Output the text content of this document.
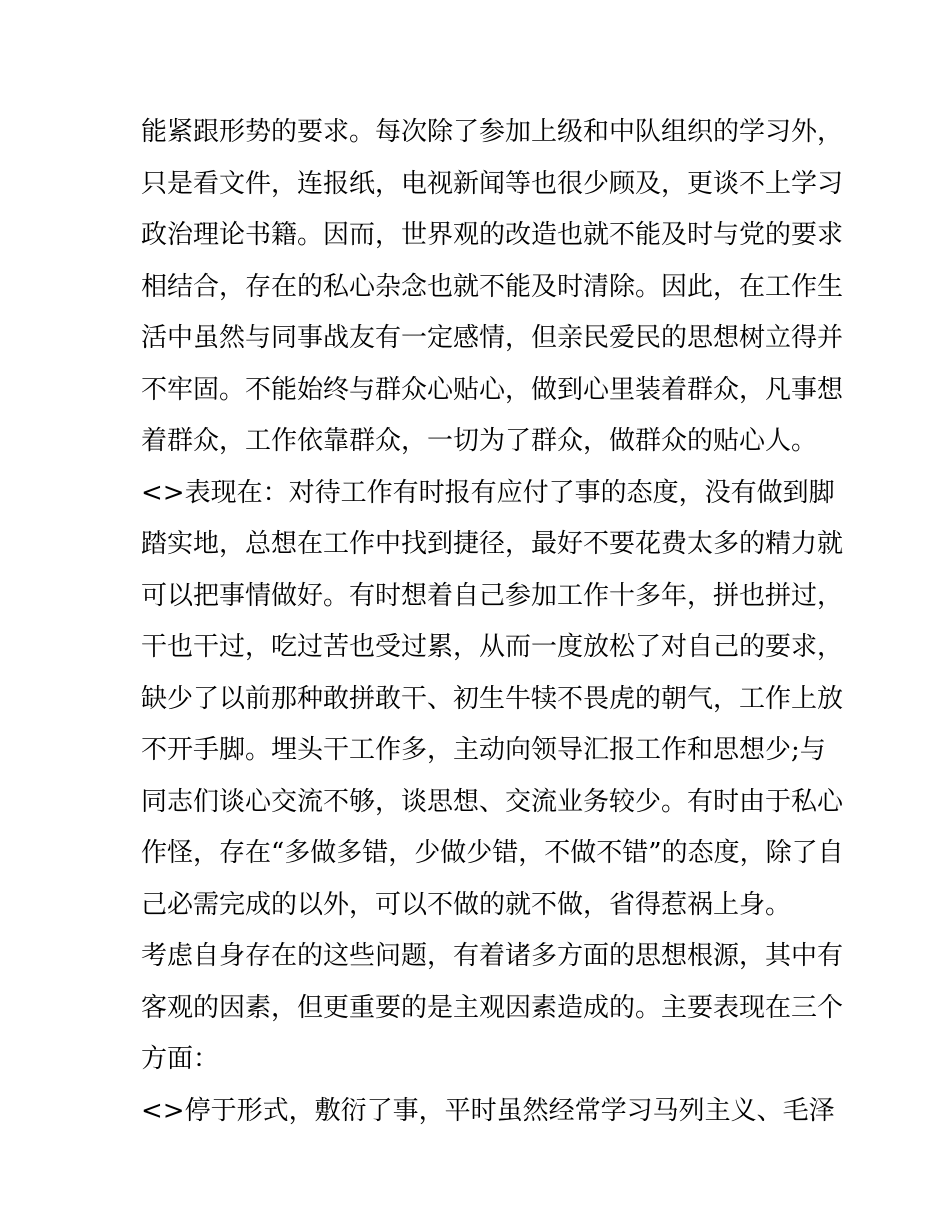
能紧跟形势的要求。每次除了参加上级和中队组织的学习外，
只是看文件，连报纸，电视新闻等也很少顾及，更谈不上学习
政治理论书籍。因而，世界观的改造也就不能及时与党的要求
相结合，存在的私心杂念也就不能及时清除。因此，在工作生
活中虽然与同事战友有一定感情，但亲民爱民的思想树立得并
不牢固。不能始终与群众心贴心，做到心里装着群众，凡事想
着群众，工作依靠群众，一切为了群众，做群众的贴心人。
<>表现在：对待工作有时报有应付了事的态度，没有做到脚
踏实地，总想在工作中找到捷径，最好不要花费太多的精力就
可以把事情做好。有时想着自己参加工作十多年，拼也拼过，
干也干过，吃过苦也受过累，从而一度放松了对自己的要求，
缺少了以前那种敢拼敢干、初生牛犊不畏虎的朝气，工作上放
不开手脚。埋头干工作多，主动向领导汇报工作和思想少;与
同志们谈心交流不够，谈思想、交流业务较少。有时由于私心
作怪，存在“多做多错，少做少错，不做不错”的态度，除了自
己必需完成的以外，可以不做的就不做，省得惹祸上身。
考虑自身存在的这些问题，有着诸多方面的思想根源，其中有
客观的因素，但更重要的是主观因素造成的。主要表现在三个
方面：
<>停于形式，敷衍了事，平时虽然经常学习马列主义、毛泽
